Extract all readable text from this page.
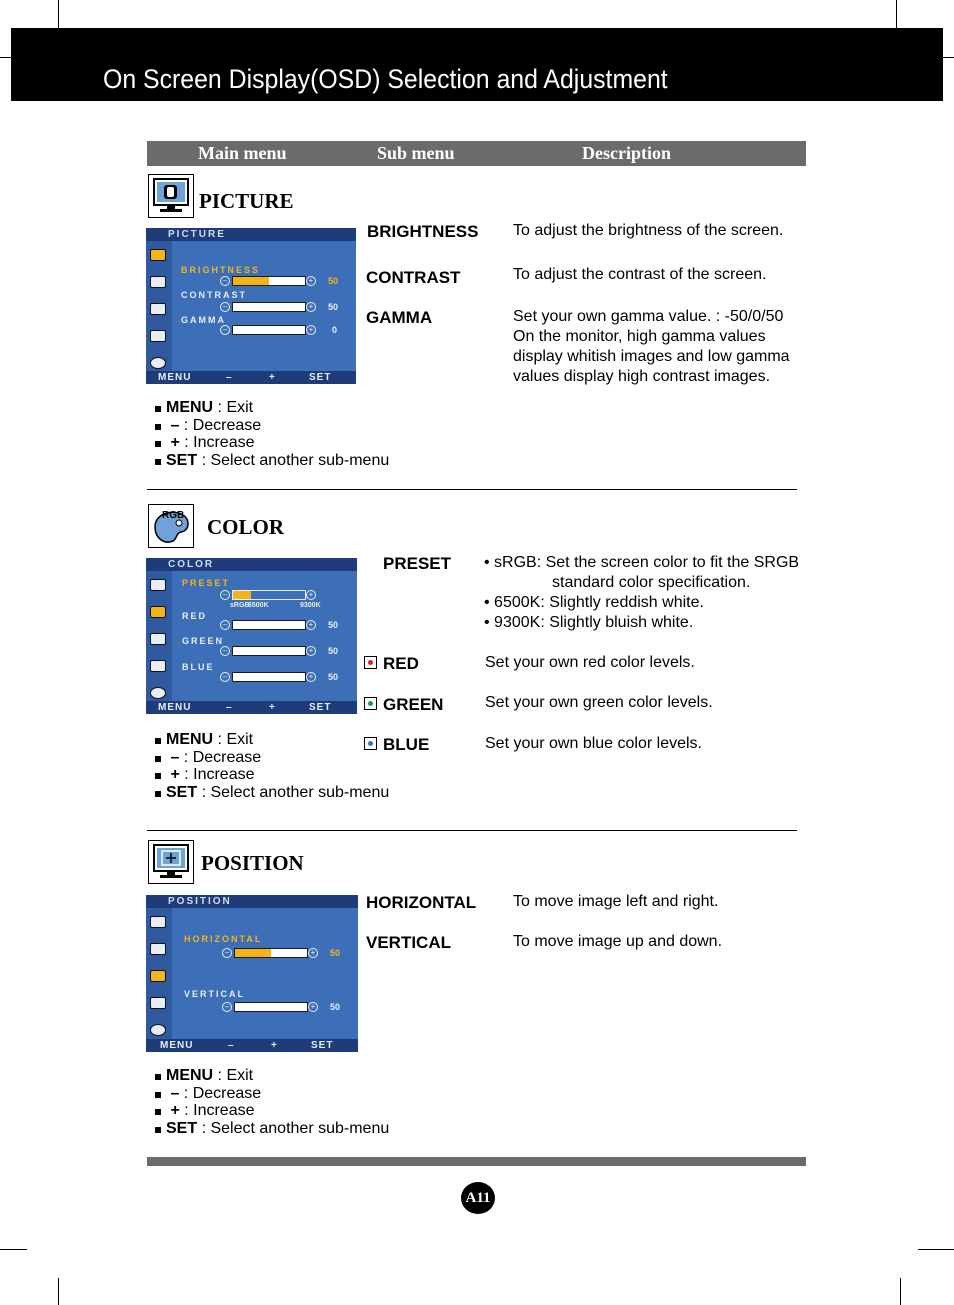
On Screen Display(OSD) Selection and Adjustment
Main menu	Sub menu	Description
PICTURE
PICTURE
BRIGHTNESS
CONTRAST
GAMMA
–	+ 50
–	+ 50
–	+ 0
MENU	–	+	SET
BRIGHTNESS To adjust the brightness of the screen.
CONTRAST	To adjust the contrast of the screen.
GAMMA	Set your own gamma value. : -50/0/50
On the monitor, high gamma values
display whitish images and low gamma
values display high contrast images.
MENU : Exit
– : Decrease
+ : Increase
SET : Select another sub-menu
RGB COLOR
COLOR
PRESET
–	+
sRGB
6500K	9300K
RED
–	+ 50
GREEN
–	+ 50
BLUE
–	+ 50
MENU	–	+	SET
PRESET • sRGB: Set the screen color to fit the SRGB
standard color specification.
• 6500K: Slightly reddish white.
• 9300K: Slightly bluish white.
RED	Set your own red color levels.
GREEN	Set your own green color levels.
BLUE	Set your own blue color levels.
MENU : Exit
– : Decrease
+ : Increase
SET : Select another sub-menu
POSITION
POSITION
HORIZONTAL
–	+ 50
VERTICAL
–	+ 50
MENU	–	+	SET
HORIZONTAL To move image left and right.
VERTICAL	To move image up and down.
MENU : Exit
– : Decrease
+ : Increase
SET : Select another sub-menu
A11
